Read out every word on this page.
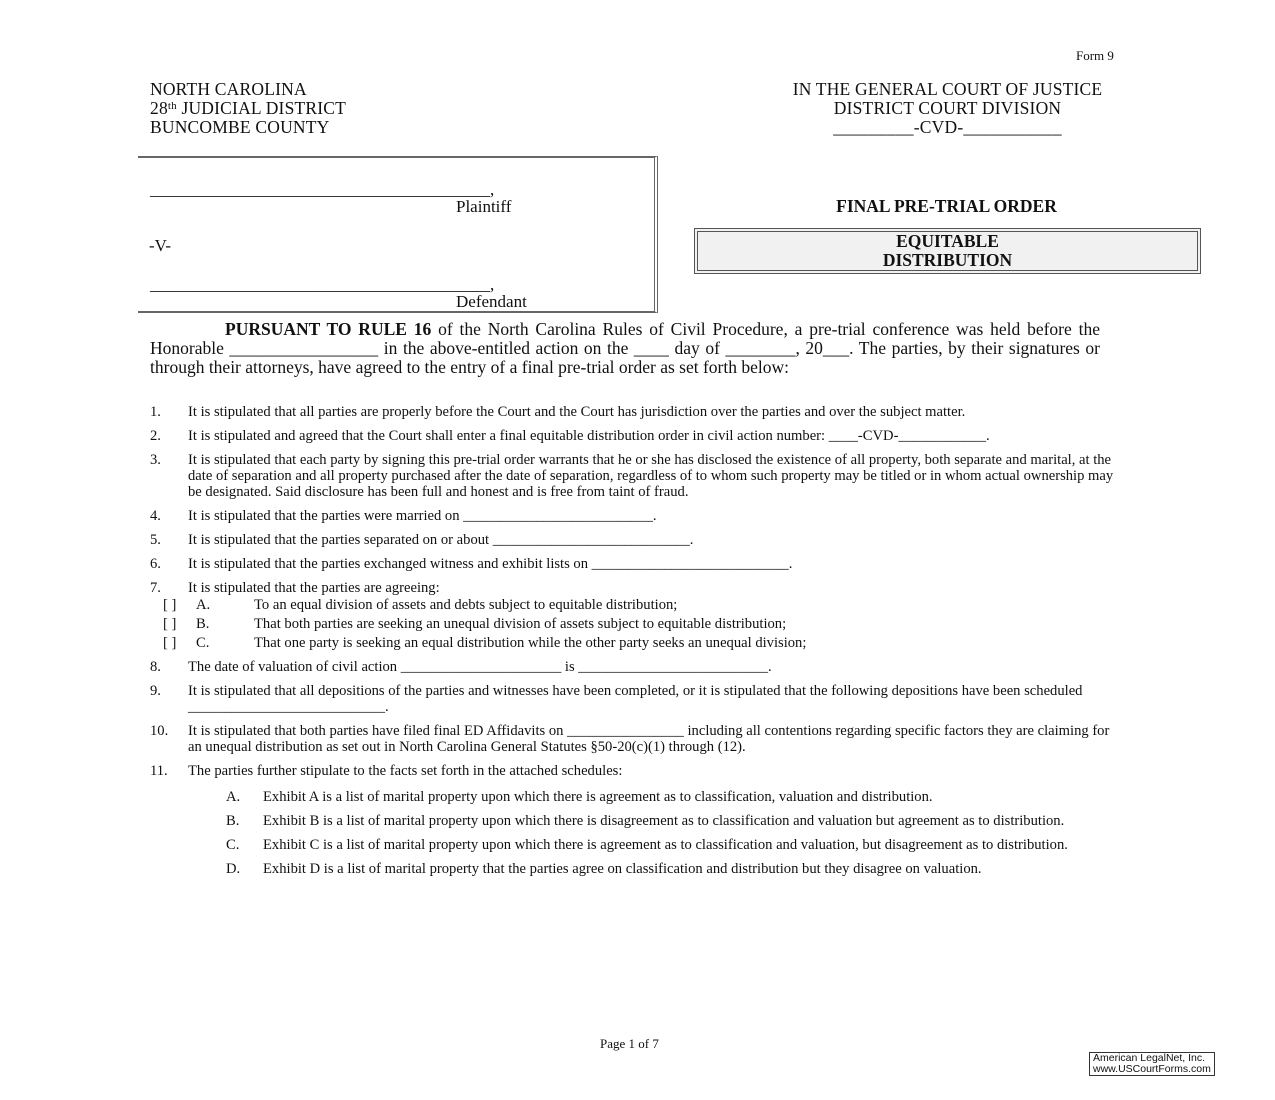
Form 9
NORTH CAROLINA
28th JUDICIAL DISTRICT
BUNCOMBE COUNTY
IN THE GENERAL COURT OF JUSTICE
DISTRICT COURT DIVISION
_________-CVD-___________
________________________________________,
Plaintiff
-V-
________________________________________,
Defendant
FINAL PRE-TRIAL ORDER
EQUITABLE
DISTRIBUTION
PURSUANT TO RULE 16 of the North Carolina Rules of Civil Procedure, a pre-trial conference was held before the Honorable _________________ in the above-entitled action on the ____ day of ________, 20___. The parties, by their signatures or through their attorneys, have agreed to the entry of a final pre-trial order as set forth below:
1. It is stipulated that all parties are properly before the Court and the Court has jurisdiction over the parties and over the subject matter.
2. It is stipulated and agreed that the Court shall enter a final equitable distribution order in civil action number: ____-CVD-____________.
3. It is stipulated that each party by signing this pre-trial order warrants that he or she has disclosed the existence of all property, both separate and marital, at the date of separation and all property purchased after the date of separation, regardless of to whom such property may be titled or in whom actual ownership may be designated. Said disclosure has been full and honest and is free from taint of fraud.
4. It is stipulated that the parties were married on __________________________.
5. It is stipulated that the parties separated on or about ___________________________.
6. It is stipulated that the parties exchanged witness and exhibit lists on ___________________________.
7. It is stipulated that the parties are agreeing:
[ ] A.	To an equal division of assets and debts subject to equitable distribution;
[ ] B.	That both parties are seeking an unequal division of assets subject to equitable distribution;
[ ] C.	That one party is seeking an equal distribution while the other party seeks an unequal division;
8. The date of valuation of civil action ______________________ is __________________________.
9. It is stipulated that all depositions of the parties and witnesses have been completed, or it is stipulated that the following depositions have been scheduled ___________________________.
10. It is stipulated that both parties have filed final ED Affidavits on ________________ including all contentions regarding specific factors they are claiming for an unequal distribution as set out in North Carolina General Statutes §50-20(c)(1) through (12).
11. The parties further stipulate to the facts set forth in the attached schedules:
A. Exhibit A is a list of marital property upon which there is agreement as to classification, valuation and distribution.
B. Exhibit B is a list of marital property upon which there is disagreement as to classification and valuation but agreement as to distribution.
C. Exhibit C is a list of marital property upon which there is agreement as to classification and valuation, but disagreement as to distribution.
D. Exhibit D is a list of marital property that the parties agree on classification and distribution but they disagree on valuation.
Page 1 of 7
American LegalNet, Inc.
www.USCourtForms.com
